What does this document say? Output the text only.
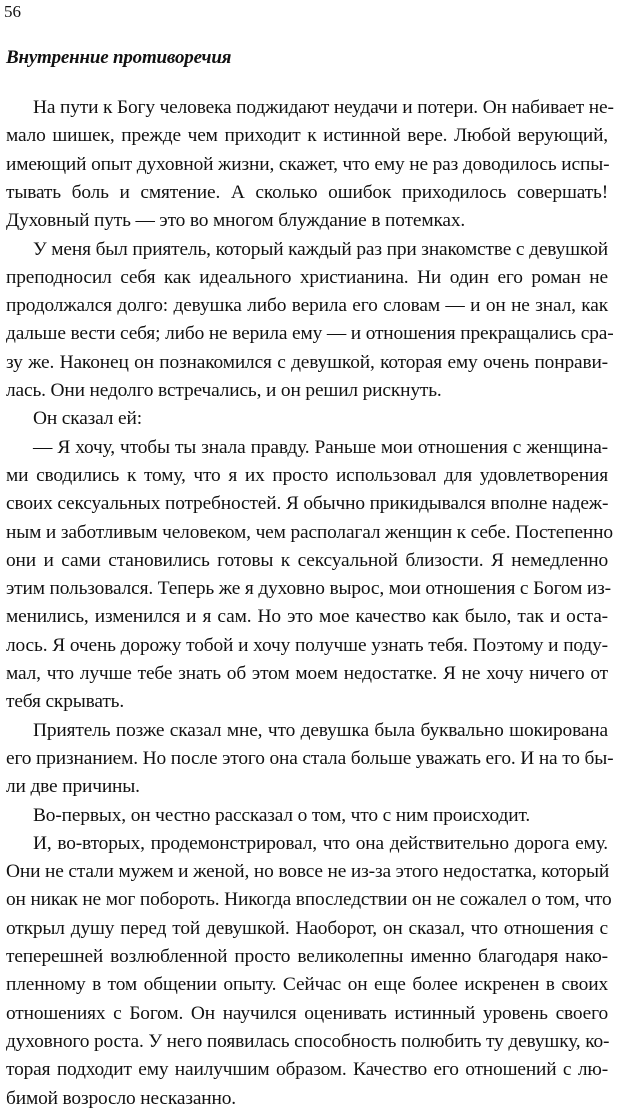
56
Внутренние противоречия
На пути к Богу человека поджидают неудачи и потери. Он набивает не-
мало шишек, прежде чем приходит к истинной вере. Любой верующий,
имеющий опыт духовной жизни, скажет, что ему не раз доводилось испы-
тывать боль и смятение. А сколько ошибок приходилось совершать!
Духовный путь — это во многом блуждание в потемках.
У меня был приятель, который каждый раз при знакомстве с девушкой
преподносил себя как идеального христианина. Ни один его роман не
продолжался долго: девушка либо верила его словам — и он не знал, как
дальше вести себя; либо не верила ему — и отношения прекращались сра-
зу же. Наконец он познакомился с девушкой, которая ему очень понрави-
лась. Они недолго встречались, и он решил рискнуть.
Он сказал ей:
— Я хочу, чтобы ты знала правду. Раньше мои отношения с женщина-
ми сводились к тому, что я их просто использовал для удовлетворения
своих сексуальных потребностей. Я обычно прикидывался вполне надеж-
ным и заботливым человеком, чем располагал женщин к себе. Постепенно
они и сами становились готовы к сексуальной близости. Я немедленно
этим пользовался. Теперь же я духовно вырос, мои отношения с Богом из-
менились, изменился и я сам. Но это мое качество как было, так и оста-
лось. Я очень дорожу тобой и хочу получше узнать тебя. Поэтому и поду-
мал, что лучше тебе знать об этом моем недостатке. Я не хочу ничего от
тебя скрывать.
Приятель позже сказал мне, что девушка была буквально шокирована
его признанием. Но после этого она стала больше уважать его. И на то бы-
ли две причины.
Во-первых, он честно рассказал о том, что с ним происходит.
И, во-вторых, продемонстрировал, что она действительно дорога ему.
Они не стали мужем и женой, но вовсе не из-за этого недостатка, который
он никак не мог побороть. Никогда впоследствии он не сожалел о том, что
открыл душу перед той девушкой. Наоборот, он сказал, что отношения с
теперешней возлюбленной просто великолепны именно благодаря нако-
пленному в том общении опыту. Сейчас он еще более искренен в своих
отношениях с Богом. Он научился оценивать истинный уровень своего
духовного роста. У него появилась способность полюбить ту девушку, ко-
торая подходит ему наилучшим образом. Качество его отношений с лю-
бимой возросло несказанно.
